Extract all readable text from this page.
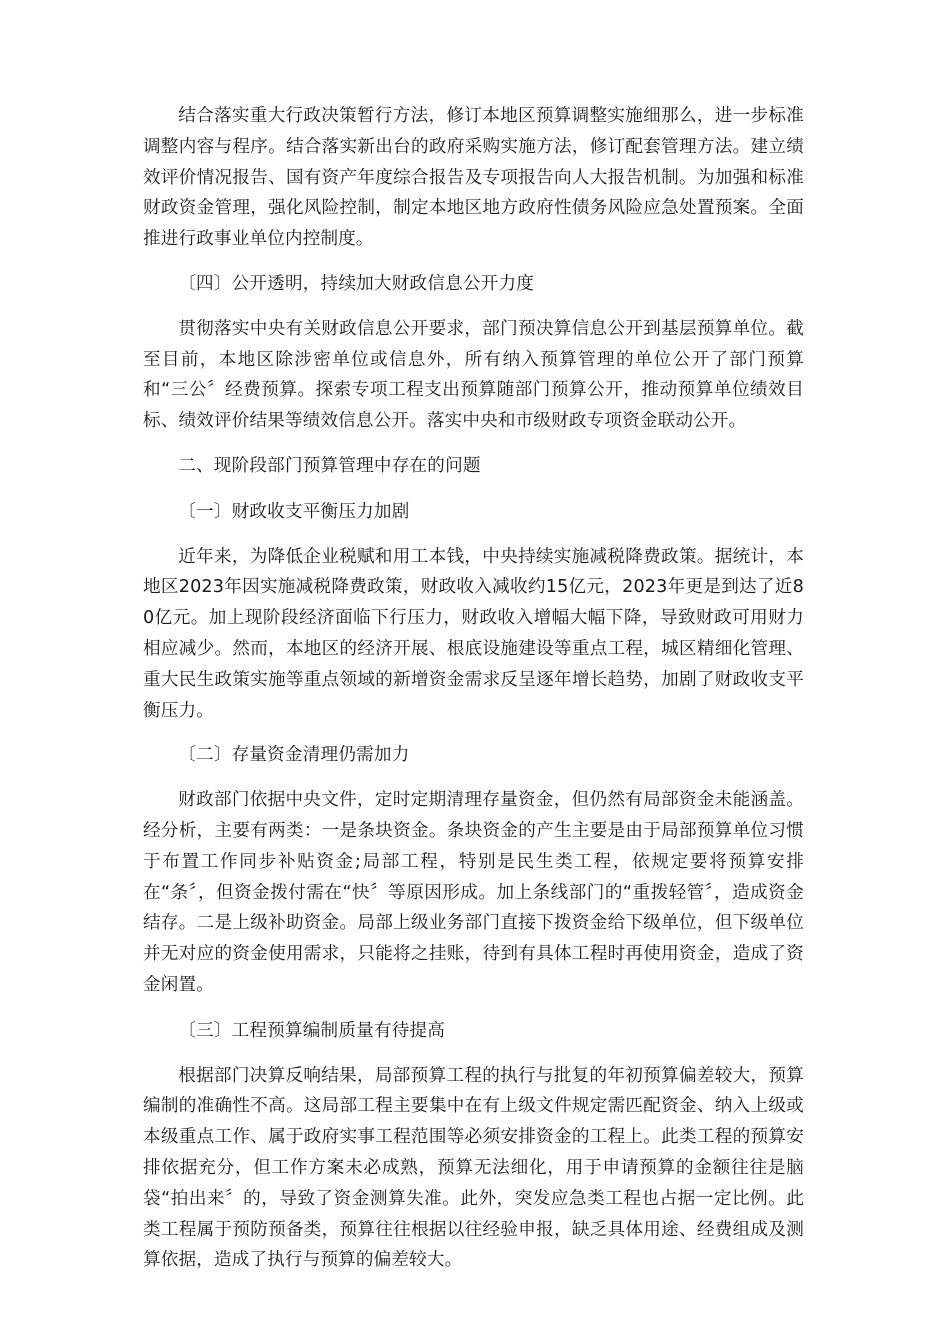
结合落实重大行政决策暂行方法，修订本地区预算调整实施细那么，进一步标准调整内容与程序。结合落实新出台的政府采购实施方法，修订配套管理方法。建立绩效评价情况报告、国有资产年度综合报告及专项报告向人大报告机制。为加强和标准财政资金管理，强化风险控制，制定本地区地方政府性债务风险应急处置预案。全面推进行政事业单位内控制度。

〔四〕公开透明，持续加大财政信息公开力度

贯彻落实中央有关财政信息公开要求，部门预决算信息公开到基层预算单位。截至目前，本地区除涉密单位或信息外，所有纳入预算管理的单位公开了部门预算和“三公〞经费预算。探索专项工程支出预算随部门预算公开，推动预算单位绩效目标、绩效评价结果等绩效信息公开。落实中央和市级财政专项资金联动公开。

二、现阶段部门预算管理中存在的问题

〔一〕财政收支平衡压力加剧

近年来，为降低企业税赋和用工本钱，中央持续实施减税降费政策。据统计，本地区2023年因实施减税降费政策，财政收入减收约15亿元，2023年更是到达了近80亿元。加上现阶段经济面临下行压力，财政收入增幅大幅下降，导致财政可用财力相应减少。然而，本地区的经济开展、根底设施建设等重点工程，城区精细化管理、重大民生政策实施等重点领域的新增资金需求反呈逐年增长趋势，加剧了财政收支平衡压力。

〔二〕存量资金清理仍需加力

财政部门依据中央文件，定时定期清理存量资金，但仍然有局部资金未能涵盖。经分析，主要有两类：一是条块资金。条块资金的产生主要是由于局部预算单位习惯于布置工作同步补贴资金;局部工程，特别是民生类工程，依规定要将预算安排在“条〞，但资金拨付需在“快〞等原因形成。加上条线部门的“重拨轻管〞，造成资金结存。二是上级补助资金。局部上级业务部门直接下拨资金给下级单位，但下级单位并无对应的资金使用需求，只能将之挂账，待到有具体工程时再使用资金，造成了资金闲置。

〔三〕工程预算编制质量有待提高

根据部门决算反响结果，局部预算工程的执行与批复的年初预算偏差较大，预算编制的准确性不高。这局部工程主要集中在有上级文件规定需匹配资金、纳入上级或本级重点工作、属于政府实事工程范围等必须安排资金的工程上。此类工程的预算安排依据充分，但工作方案未必成熟，预算无法细化，用于申请预算的金额往往是脑袋“拍出来〞的，导致了资金测算失准。此外，突发应急类工程也占据一定比例。此类工程属于预防预备类，预算往往根据以往经验申报，缺乏具体用途、经费组成及测算依据，造成了执行与预算的偏差较大。
